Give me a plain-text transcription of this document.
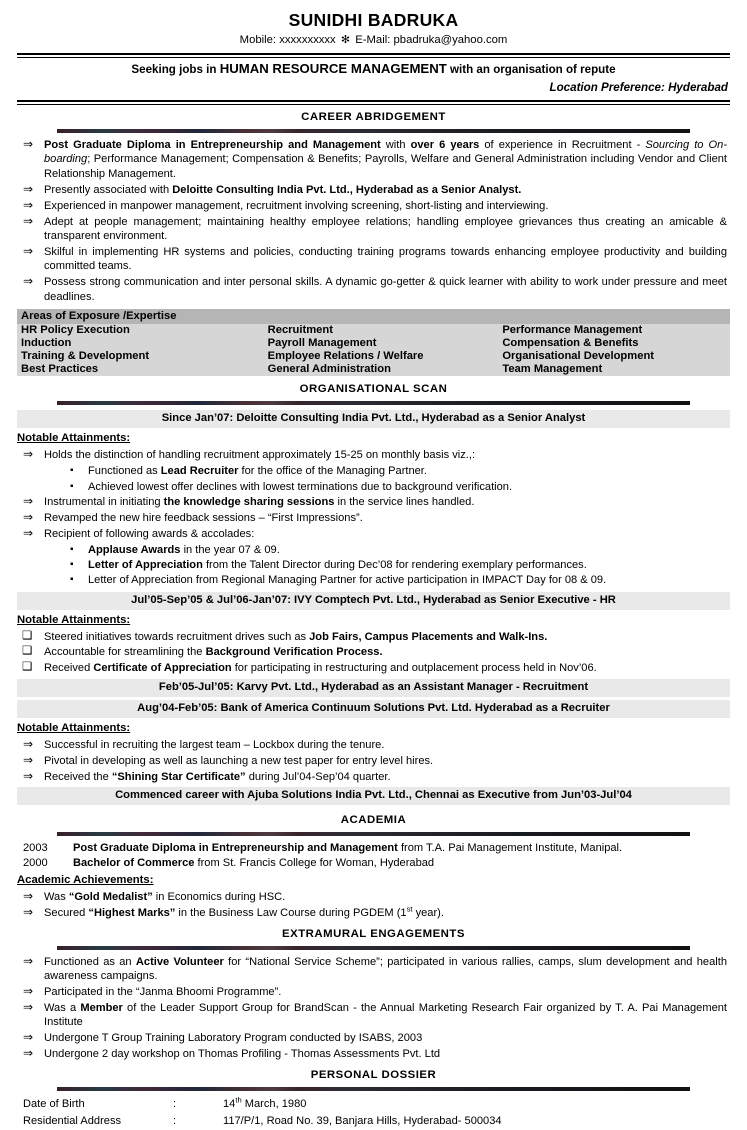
SUNIDHI BADRUKA
Mobile: xxxxxxxxxx ✻ E-Mail: pbadruka@yahoo.com
Seeking jobs in HUMAN RESOURCE MANAGEMENT with an organisation of repute
Location Preference: Hyderabad
CAREER ABRIDGEMENT
⇒ Post Graduate Diploma in Entrepreneurship and Management with over 6 years of experience in Recruitment - Sourcing to On-boarding; Performance Management; Compensation & Benefits; Payrolls, Welfare and General Administration including Vendor and Client Relationship Management.
⇒ Presently associated with Deloitte Consulting India Pvt. Ltd., Hyderabad as a Senior Analyst.
⇒ Experienced in manpower management, recruitment involving screening, short-listing and interviewing.
⇒ Adept at people management; maintaining healthy employee relations; handling employee grievances thus creating an amicable & transparent environment.
⇒ Skilful in implementing HR systems and policies, conducting training programs towards enhancing employee productivity and building committed teams.
⇒ Possess strong communication and inter personal skills. A dynamic go-getter & quick learner with ability to work under pressure and meet deadlines.
Areas of Exposure /Expertise		
HR Policy Execution	Recruitment	Performance Management
Induction	Payroll Management	Compensation & Benefits
Training & Development	Employee Relations / Welfare	Organisational Development
Best Practices	General Administration	Team Management
ORGANISATIONAL SCAN
Since Jan’07: Deloitte Consulting India Pvt. Ltd., Hyderabad as a Senior Analyst
Notable Attainments:
⇒ Holds the distinction of handling recruitment approximately 15-25 on monthly basis viz.,:
▪ Functioned as Lead Recruiter for the office of the Managing Partner.
▪ Achieved lowest offer declines with lowest terminations due to background verification.
⇒ Instrumental in initiating the knowledge sharing sessions in the service lines handled.
⇒ Revamped the new hire feedback sessions – “First Impressions”.
⇒ Recipient of following awards & accolades:
▪ Applause Awards in the year 07 & 09.
▪ Letter of Appreciation from the Talent Director during Dec’08 for rendering exemplary performances.
▪ Letter of Appreciation from Regional Managing Partner for active participation in IMPACT Day for 08 & 09.
Jul’05-Sep’05 & Jul’06-Jan’07: IVY Comptech Pvt. Ltd., Hyderabad as Senior Executive - HR
Notable Attainments:
❑ Steered initiatives towards recruitment drives such as Job Fairs, Campus Placements and Walk-Ins.
❑ Accountable for streamlining the Background Verification Process.
❑ Received Certificate of Appreciation for participating in restructuring and outplacement process held in Nov’06.
Feb’05-Jul’05: Karvy Pvt. Ltd., Hyderabad as an Assistant Manager - Recruitment
Aug’04-Feb’05: Bank of America Continuum Solutions Pvt. Ltd. Hyderabad as a Recruiter
Notable Attainments:
⇒ Successful in recruiting the largest team – Lockbox during the tenure.
⇒ Pivotal in developing as well as launching a new test paper for entry level hires.
⇒ Received the “Shining Star Certificate” during Jul’04-Sep’04 quarter.
Commenced career with Ajuba Solutions India Pvt. Ltd., Chennai as Executive from Jun’03-Jul’04
ACADEMIA
2003 Post Graduate Diploma in Entrepreneurship and Management from T.A. Pai Management Institute, Manipal.
2000 Bachelor of Commerce from St. Francis College for Woman, Hyderabad
Academic Achievements:
⇒ Was “Gold Medalist” in Economics during HSC.
⇒ Secured “Highest Marks” in the Business Law Course during PGDEM (1st year).
EXTRAMURAL ENGAGEMENTS
⇒ Functioned as an Active Volunteer for “National Service Scheme”; participated in various rallies, camps, slum development and health awareness campaigns.
⇒ Participated in the “Janma Bhoomi Programme”.
⇒ Was a Member of the Leader Support Group for BrandScan - the Annual Marketing Research Fair organized by T. A. Pai Management Institute
⇒ Undergone T Group Training Laboratory Program conducted by ISABS, 2003
⇒ Undergone 2 day workshop on Thomas Profiling - Thomas Assessments Pvt. Ltd
PERSONAL DOSSIER
Date of Birth	:	14th March, 1980
Residential Address	:	117/P/1, Road No. 39, Banjara Hills, Hyderabad- 500034
